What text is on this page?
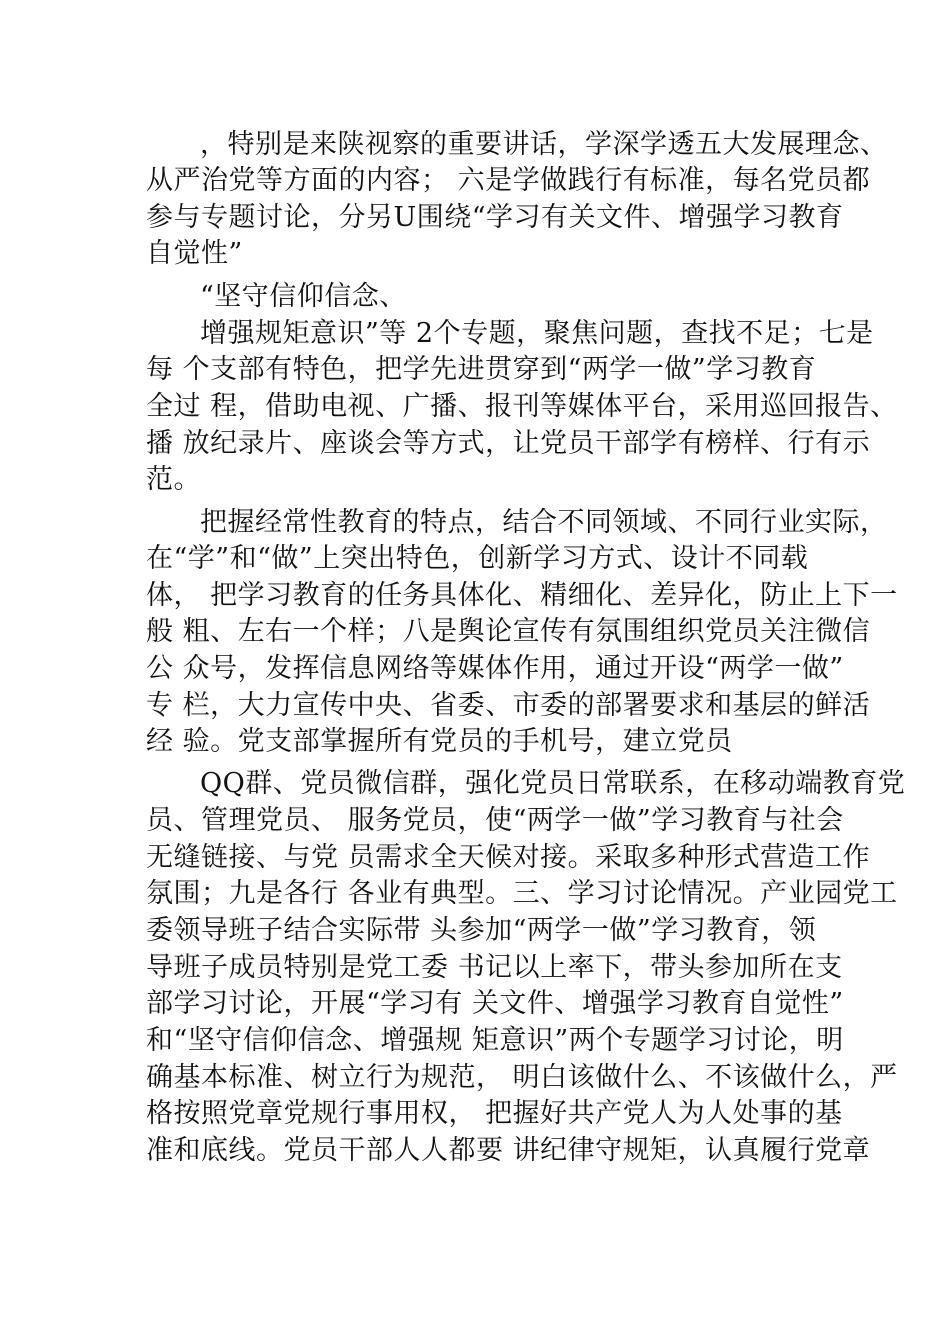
，特别是来陕视察的重要讲话，学深学透五大发展理念、
从严治党等方面的内容； 六是学做践行有标准，每名党员都
参与专题讨论，分另U围绕“学习有关文件、增强学习教育
自觉性”
“坚守信仰信念、
增强规矩意识”等 2个专题，聚焦问题，查找不足；七是
每 个支部有特色，把学先进贯穿到“两学一做”学习教育
全过 程，借助电视、广播、报刊等媒体平台，采用巡回报告、
播 放纪录片、座谈会等方式，让党员干部学有榜样、行有示
范。
把握经常性教育的特点，结合不同领域、不同行业实际，
在“学”和“做”上突出特色，创新学习方式、设计不同载
体， 把学习教育的任务具体化、精细化、差异化，防止上下一
般 粗、左右一个样；八是舆论宣传有氛围组织党员关注微信
公 众号，发挥信息网络等媒体作用，通过开设“两学一做”
专 栏，大力宣传中央、省委、市委的部署要求和基层的鲜活
经 验。党支部掌握所有党员的手机号，建立党员
QQ群、党员微信群，强化党员日常联系，在移动端教育党
员、管理党员、 服务党员，使“两学一做”学习教育与社会
无缝链接、与党 员需求全天候对接。采取多种形式营造工作
氛围；九是各行 各业有典型。三、学习讨论情况。产业园党工
委领导班子结合实际带 头参加“两学一做”学习教育，领
导班子成员特别是党工委 书记以上率下，带头参加所在支
部学习讨论，开展“学习有 关文件、增强学习教育自觉性”
和“坚守信仰信念、增强规 矩意识”两个专题学习讨论，明
确基本标准、树立行为规范， 明白该做什么、不该做什么，严
格按照党章党规行事用权， 把握好共产党人为人处事的基
准和底线。党员干部人人都要 讲纪律守规矩，认真履行党章
